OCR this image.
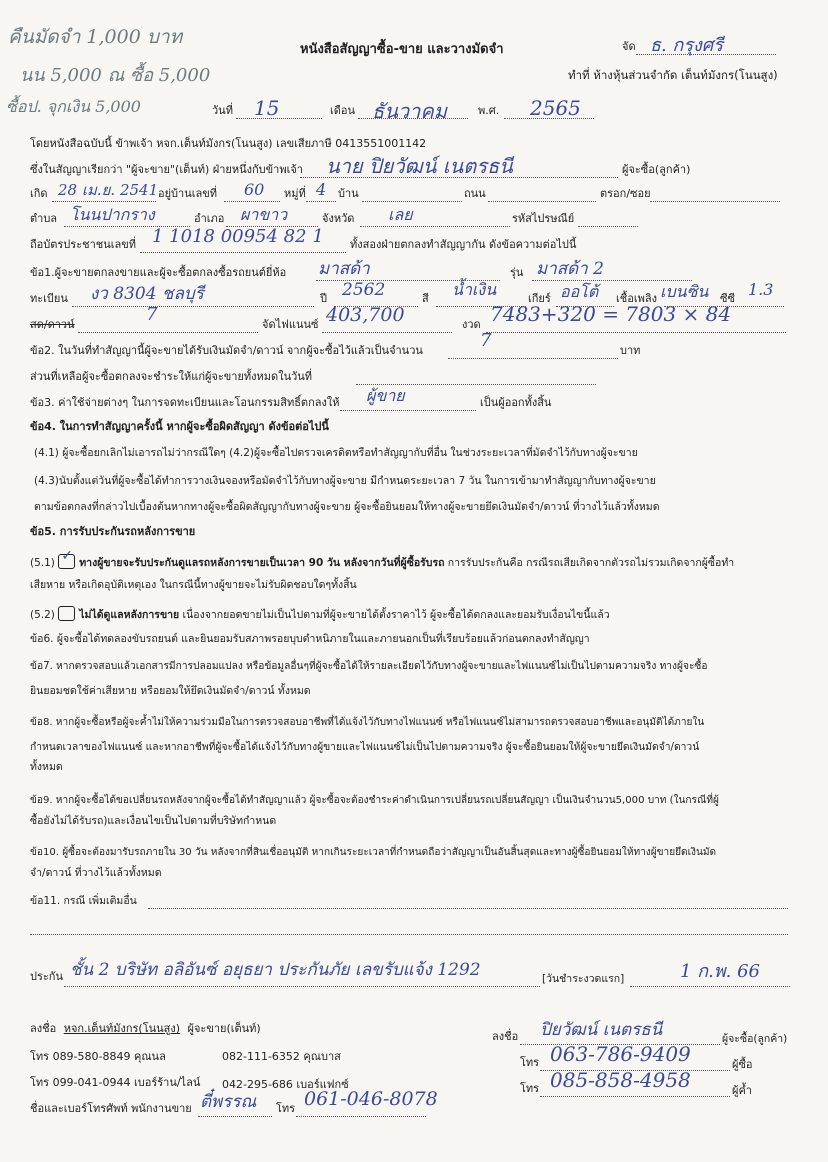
คืนมัดจำ 1,000 บาท
นน 5,000 ณ ซื้อ 5,000
ซื้อป. จุกเงิน 5,000
หนังสือสัญญาซื้อ-ขาย และวางมัดจำ	จัด ธ. กรุงศรี
ทำที่ ห้างหุ้นส่วนจำกัด เต็นท์มังกร(โนนสูง)
วันที่ 15	เดือน ธันวาคม	พ.ศ. 2565
โดยหนังสือฉบับนี้ ข้าพเจ้า หจก.เต็นท์มังกร(โนนสูง) เลขเสียภาษี 0413551001142
ซึ่งในสัญญาเรียกว่า "ผู้จะขาย"(เต็นท์) ฝ่ายหนึ่งกับข้าพเจ้า นาย ปิยวัฒน์ เนตรธนี	ผู้จะซื้อ(ลูกค้า)
เกิด 28 เม.ย. 2541 อยู่บ้านเลขที่ 60 หมู่ที่ 4 บ้าน	ถนน	ตรอก/ซอย
ตำบล โนนปากราง	อำเภอ ผาขาว	จังหวัด เลย	รหัสไปรษณีย์
ถือบัตรประชาชนเลขที่ 1 1018 00954 82 1 ทั้งสองฝ่ายตกลงทำสัญญากัน ดังข้อความต่อไปนี้
ข้อ1.ผู้จะขายตกลงขายและผู้จะซื้อตกลงซื้อรถยนต์ยี่ห้อ มาสด้า	รุ่น มาสด้า 2
ทะเบียน งว 8304 ชลบุรี	ปี 2562	สี น้ำเงิน	เกียร์ ออโต้ เชื้อเพลิง เบนซิน ซีซี 1.3
สด/ดาวน์	7	จัดไฟแนนซ์ 403,700	งวด 7483+320 = 7803 × 84
ข้อ2. ในวันที่ทำสัญญานี้ผู้จะขายได้รับเงินมัดจำ/ดาวน์ จากผู้จะซื้อไว้แล้วเป็นจำนวน	7	บาท
ส่วนที่เหลือผู้จะซื้อตกลงจะชำระให้แก่ผู้จะขายทั้งหมดในวันที่
ข้อ3. ค่าใช้จ่ายต่างๆ ในการจดทะเบียนและโอนกรรมสิทธิ์ตกลงให้ ผู้ขาย	เป็นผู้ออกทั้งสิ้น
ข้อ4. ในการทำสัญญาครั้งนี้ หากผู้จะซื้อผิดสัญญา ดังข้อต่อไปนี้
(4.1) ผู้จะซื้อยกเลิกไม่เอารถไม่ว่ากรณีใดๆ (4.2)ผู้จะซื้อไปตรวจเครดิตหรือทำสัญญากับที่อื่น ในช่วงระยะเวลาที่มัดจำไว้กับทางผู้จะขาย
(4.3)นับตั้งแต่วันที่ผู้จะซื้อได้ทำการวางเงินจองหรือมัดจำไว้กับทางผู้จะขาย มีกำหนดระยะเวลา 7 วัน ในการเข้ามาทำสัญญากับทางผู้จะขาย
ตามข้อตกลงที่กล่าวไปเบื้องต้นหากทางผู้จะซื้อผิดสัญญากับทางผู้จะขาย ผู้จะซื้อยินยอมให้ทางผู้จะขายยึดเงินมัดจำ/ดาวน์ ที่วางไว้แล้วทั้งหมด
ข้อ5. การรับประกันรถหลังการขาย
(5.1) ✓ ทางผู้ขายจะรับประกันดูแลรถหลังการขายเป็นเวลา 90 วัน หลังจากวันที่ผู้ซื้อรับรถ การรับประกันคือ กรณีรถเสียเกิดจากตัวรถไม่รวมเกิดจากผู้ซื้อทำ
เสียหาย หรือเกิดอุบัติเหตุเอง ในกรณีนี้ทางผู้ขายจะไม่รับผิดชอบใดๆทั้งสิ้น
(5.2) ไม่ได้ดูแลหลังการขาย เนื่องจากยอดขายไม่เป็นไปตามที่ผู้จะขายได้ตั้งราคาไว้ ผู้จะซื้อได้ตกลงและยอมรับเงื่อนไขนี้แล้ว
ข้อ6. ผู้จะซื้อได้ทดลองขับรถยนต์ และยินยอมรับสภาพรอยบุบตำหนิภายในและภายนอกเป็นที่เรียบร้อยแล้วก่อนตกลงทำสัญญา
ข้อ7. หากตรวจสอบแล้วเอกสารมีการปลอมแปลง หรือข้อมูลอื่นๆที่ผู้จะซื้อได้ให้รายละเอียดไว้กับทางผู้จะขายและไฟแนนซ์ไม่เป็นไปตามความจริง ทางผู้จะซื้อ
ยินยอมชดใช้ค่าเสียหาย หรือยอมให้ยึดเงินมัดจำ/ดาวน์ ทั้งหมด
ข้อ8. หากผู้จะซื้อหรือผู้จะค้ำไม่ให้ความร่วมมือในการตรวจสอบอาชีพที่ได้แจ้งไว้กับทางไฟแนนซ์ หรือไฟแนนซ์ไม่สามารถตรวจสอบอาชีพและอนุมัติได้ภายใน
กำหนดเวลาของไฟแนนซ์ และหากอาชีพที่ผู้จะซื้อได้แจ้งไว้กับทางผู้ขายและไฟแนนซ์ไม่เป็นไปตามความจริง ผู้จะซื้อยินยอมให้ผู้จะขายยึดเงินมัดจำ/ดาวน์
ทั้งหมด
ข้อ9. หากผู้จะซื้อได้ขอเปลี่ยนรถหลังจากผู้จะซื้อได้ทำสัญญาแล้ว ผู้จะซื้อจะต้องชำระค่าดำเนินการเปลี่ยนรถเปลี่ยนสัญญา เป็นเงินจำนวน5,000 บาท (ในกรณีที่ผู้
ซื้อยังไม่ได้รับรถ)และเงื่อนไขเป็นไปตามที่บริษัทกำหนด
ข้อ10. ผู้ซื้อจะต้องมารับรถภายใน 30 วัน หลังจากที่สินเชื่ออนุมัติ หากเกินระยะเวลาที่กำหนดถือว่าสัญญาเป็นอันสิ้นสุดและทางผู้ซื้อยินยอมให้ทางผู้ขายยึดเงินมัด
จำ/ดาวน์ ที่วางไว้แล้วทั้งหมด
ข้อ11. กรณี เพิ่มเติมอื่น
ประกัน ชั้น 2 บริษัท อลิอันซ์ อยุธยา ประกันภัย เลขรับแจ้ง 1292	[วันชำระงวดแรก]	1 ก.พ. 66
ลงชื่อ หจก.เต็นท์มังกร(โนนสูง) ผู้จะขาย(เต็นท์)
โทร 089-580-8849 คุณนล	082-111-6352 คุณบาส
โทร 099-041-0944 เบอร์ร้าน/ไลน์ 042-295-686 เบอร์แฟกซ์
ชื่อและเบอร์โทรศัพท์ พนักงานขาย ตี๋พรรณ โทร 061-046-8078
ลงชื่อ ปิยวัฒน์ เนตรธนี	ผู้จะซื้อ(ลูกค้า)
โทร 063-786-9409	ผู้ซื้อ
โทร 085-858-4958	ผู้ค้ำ
